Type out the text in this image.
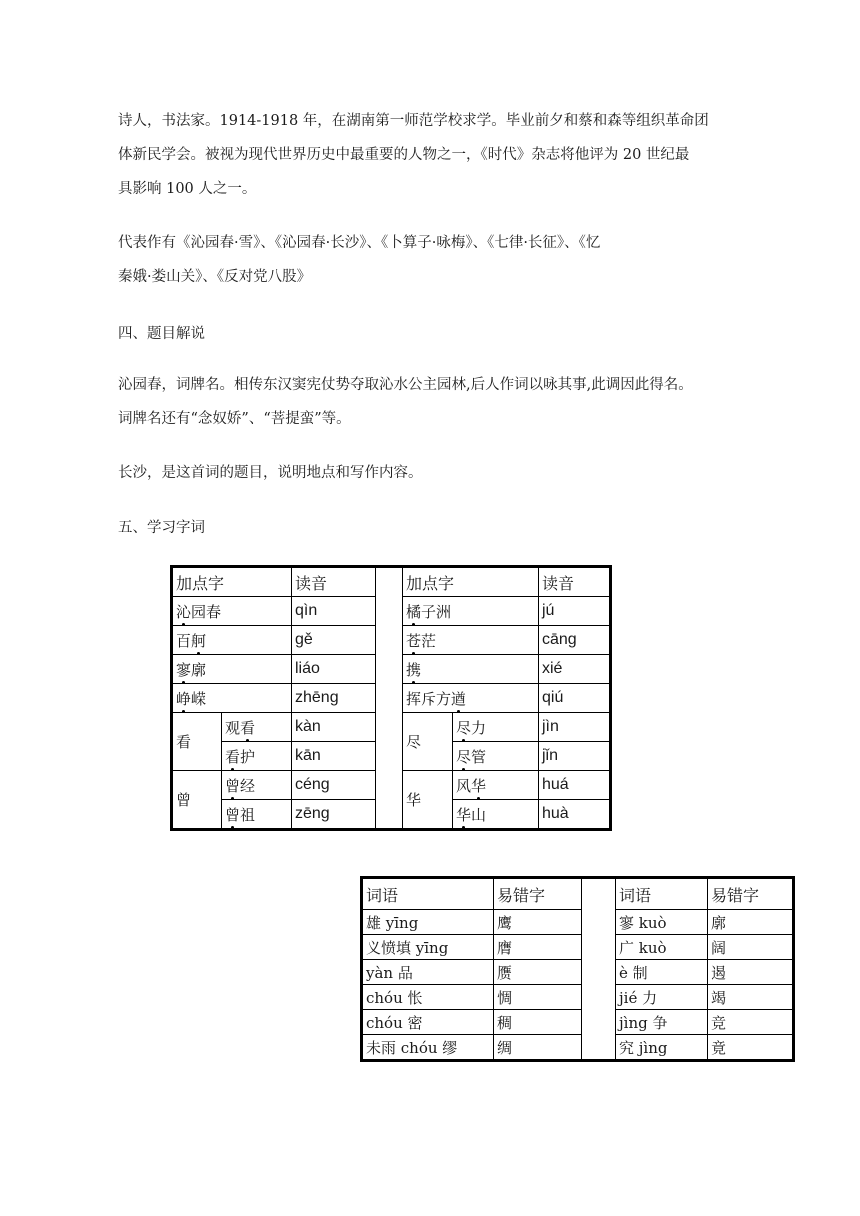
诗人，书法家。1914-1918 年，在湖南第一师范学校求学。毕业前夕和蔡和森等组织革命团
体新民学会。被视为现代世界历史中最重要的人物之一，《时代》杂志将他评为 20 世纪最
具影响 100 人之一。
代表作有《沁园春·雪》、《沁园春·长沙》、《卜算子·咏梅》、《七律·长征》、《忆
秦娥·娄山关》、《反对党八股》

四、题目解说

沁园春，词牌名。相传东汉窦宪仗势夺取沁水公主园林,后人作词以咏其事,此调因此得名。
词牌名还有“念奴娇”、“菩提蛮”等。
长沙，是这首词的题目，说明地点和写作内容。

五、学习字词

加点字		读音		加点字		读音
沁园春		qìn		橘子洲		jú
百舸		gě		苍茫		cāng
寥廓		liáo		携		xié
峥嵘		zhēng		挥斥方遒		qiú
看	观看	kàn		尽	尽力	jìn
	看护	kān			尽管	jǐn
曾	曾经	céng		华	风华	huá
	曾祖	zēng			华山	huà
词语	易错字		词语	易错字
雄 yīng	鹰		寥 kuò	廓
义愤填 yīng	膺		广 kuò	阔
yàn 品	赝		è 制	遏
chóu 怅	惆		jié 力	竭
chóu 密	稠		jìng 争	竞
未雨 chóu 缪	绸		究 jìng	竟
